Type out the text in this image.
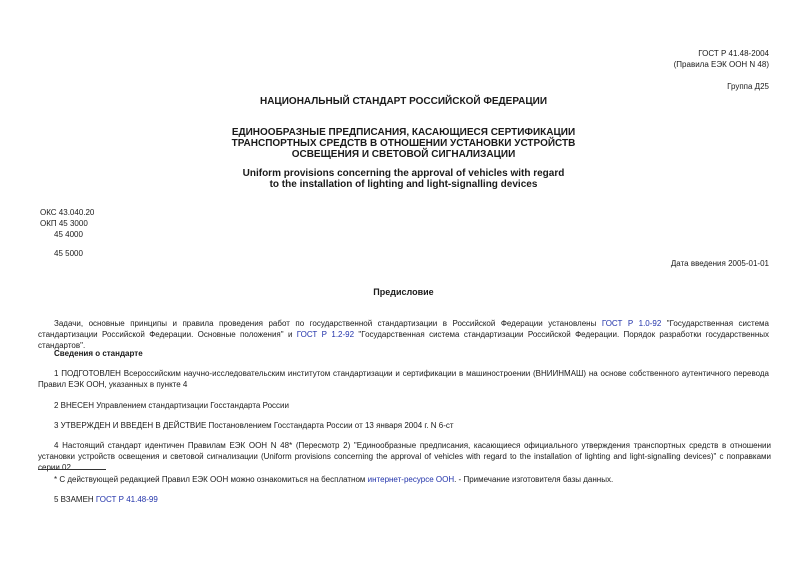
ГОСТ Р 41.48-2004
(Правила ЕЭК ООН N 48)
Группа Д25
НАЦИОНАЛЬНЫЙ СТАНДАРТ РОССИЙСКОЙ ФЕДЕРАЦИИ
ЕДИНООБРАЗНЫЕ ПРЕДПИСАНИЯ, КАСАЮЩИЕСЯ СЕРТИФИКАЦИИ
ТРАНСПОРТНЫХ СРЕДСТВ В ОТНОШЕНИИ УСТАНОВКИ УСТРОЙСТВ
ОСВЕЩЕНИЯ И СВЕТОВОЙ СИГНАЛИЗАЦИИ
Uniform provisions concerning the approval of vehicles with regard
to the installation of lighting and light-signalling devices
ОКС 43.040.20
ОКП 45 3000
45 4000
45 5000
Дата введения 2005-01-01
Предисловие
Задачи, основные принципы и правила проведения работ по государственной стандартизации в Российской Федерации установлены ГОСТ Р 1.0-92 "Государственная система стандартизации Российской Федерации. Основные положения" и ГОСТ Р 1.2-92 "Государственная система стандартизации Российской Федерации. Порядок разработки государственных стандартов".
Сведения о стандарте
1 ПОДГОТОВЛЕН Всероссийским научно-исследовательским институтом стандартизации и сертификации в машиностроении (ВНИИНМАШ) на основе собственного аутентичного перевода Правил ЕЭК ООН, указанных в пункте 4
2 ВНЕСЕН Управлением стандартизации Госстандарта России
3 УТВЕРЖДЕН И ВВЕДЕН В ДЕЙСТВИЕ Постановлением Госстандарта России от 13 января 2004 г. N 6-ст
4 Настоящий стандарт идентичен Правилам ЕЭК ООН N 48* (Пересмотр 2) "Единообразные предписания, касающиеся официального утверждения транспортных средств в отношении установки устройств освещения и световой сигнализации (Uniform provisions concerning the approval of vehicles with regard to the installation of lighting and light-signalling devices)" с поправками серии 02
* С действующей редакцией Правил ЕЭК ООН можно ознакомиться на бесплатном интернет-ресурсе ООН. - Примечание изготовителя базы данных.
5 ВЗАМЕН ГОСТ Р 41.48-99
